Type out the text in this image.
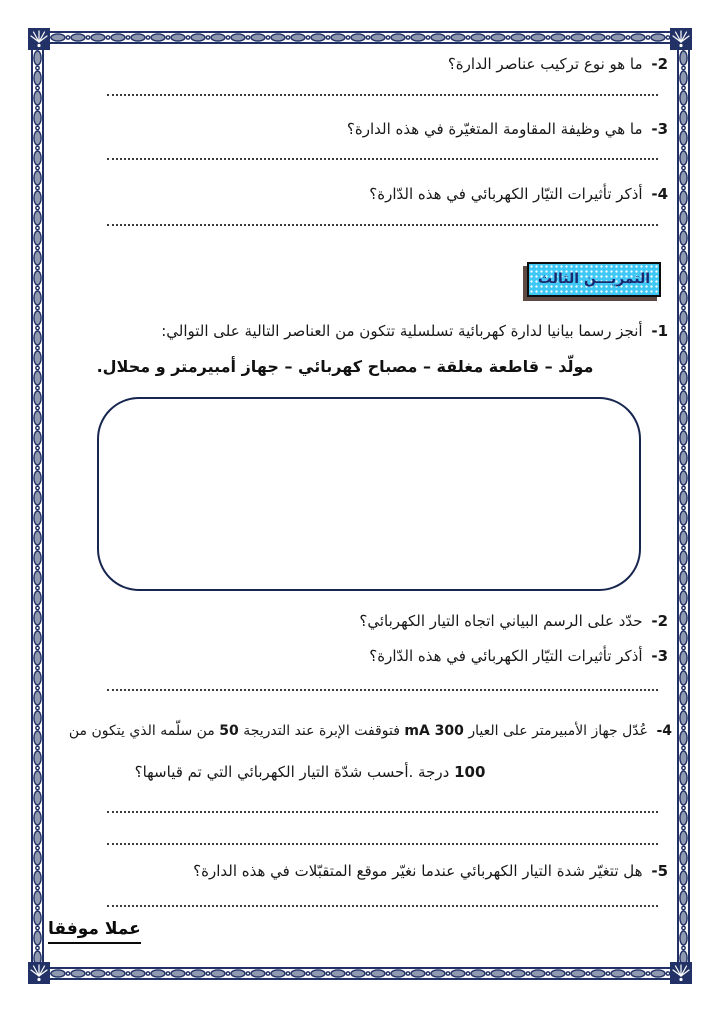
2- ما هو نوع تركيب عناصر الدارة؟
3- ما هي وظيفة المقاومة المتغيّرة في هذه الدارة؟
4- أذكر تأثيرات التيّار الكهربائي في هذه الدّارة؟
التمريـــن الثالث
1- أنجز رسما بيانيا لدارة كهربائية تسلسلية تتكون من العناصر التالية على التوالي:
مولّد – قاطعة مغلقة – مصباح كهربائي – جهاز أمبيرمتر و محلال.
2- حدّد على الرسم البياني اتجاه التيار الكهربائي؟
3- أذكر تأثيرات التيّار الكهربائي في هذه الدّارة؟
4- عُدّل جهاز الأمبيرمتر على العيار 300 mA فتوقفت الإبرة عند التدريجة 50 من سلّمه الذي يتكون من
100 درجة .أحسب شدّة التيار الكهربائي التي تم قياسها؟
5- هل تتغيّر شدة التيار الكهربائي عندما نغيّر موقع المتقبّلات في هذه الدارة؟
عملا موفقا
